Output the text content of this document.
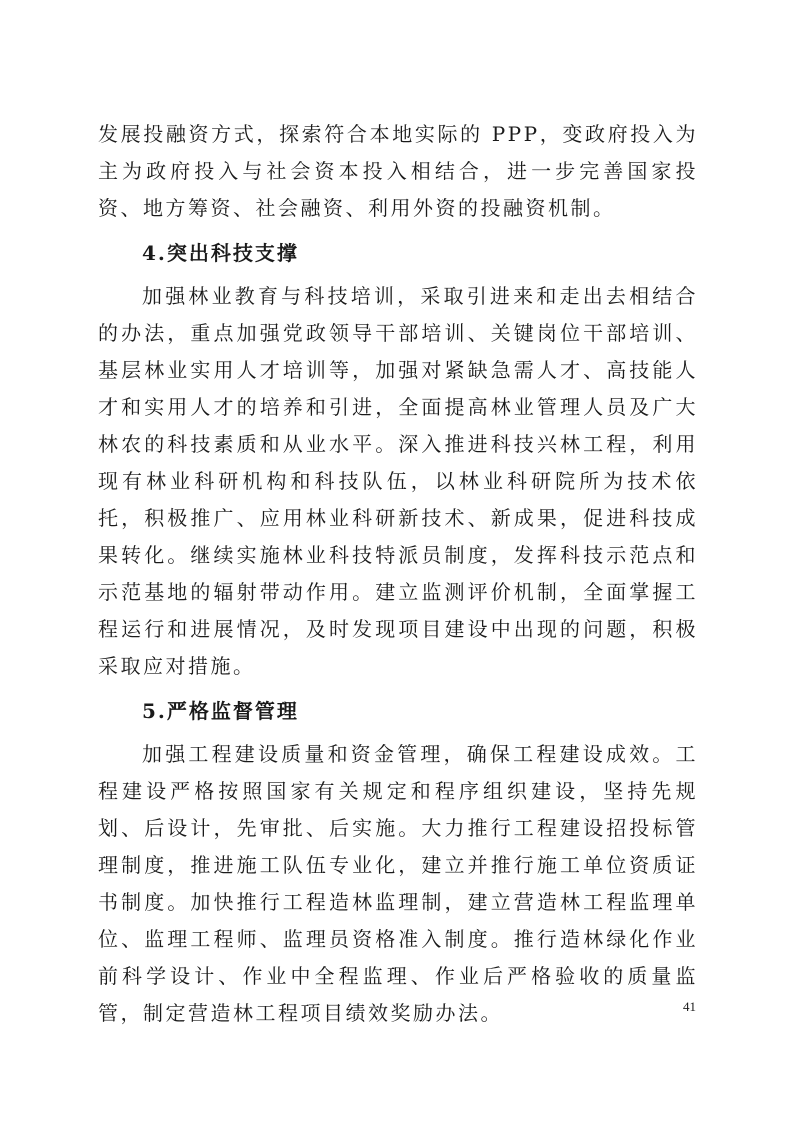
发展投融资方式，探索符合本地实际的 PPP，变政府投入为主为政府投入与社会资本投入相结合，进一步完善国家投资、地方筹资、社会融资、利用外资的投融资机制。

4.突出科技支撑

加强林业教育与科技培训，采取引进来和走出去相结合的办法，重点加强党政领导干部培训、关键岗位干部培训、基层林业实用人才培训等，加强对紧缺急需人才、高技能人才和实用人才的培养和引进，全面提高林业管理人员及广大林农的科技素质和从业水平。深入推进科技兴林工程，利用现有林业科研机构和科技队伍，以林业科研院所为技术依托，积极推广、应用林业科研新技术、新成果，促进科技成果转化。继续实施林业科技特派员制度，发挥科技示范点和示范基地的辐射带动作用。建立监测评价机制，全面掌握工程运行和进展情况，及时发现项目建设中出现的问题，积极采取应对措施。

5.严格监督管理

加强工程建设质量和资金管理，确保工程建设成效。工程建设严格按照国家有关规定和程序组织建设，坚持先规划、后设计，先审批、后实施。大力推行工程建设招投标管理制度，推进施工队伍专业化，建立并推行施工单位资质证书制度。加快推行工程造林监理制，建立营造林工程监理单位、监理工程师、监理员资格准入制度。推行造林绿化作业前科学设计、作业中全程监理、作业后严格验收的质量监管，制定营造林工程项目绩效奖励办法。	41
